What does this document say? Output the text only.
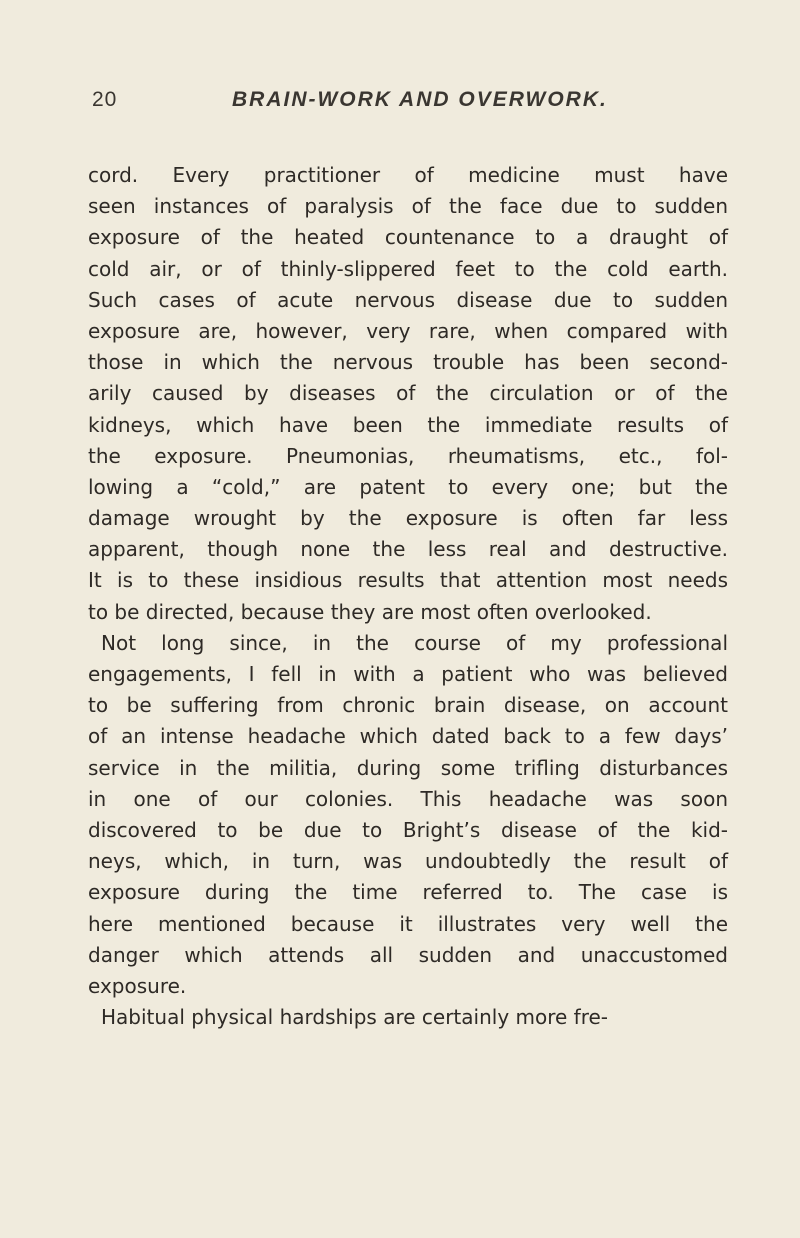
20	BRAIN-WORK AND OVERWORK.
cord. Every practitioner of medicine must have
seen instances of paralysis of the face due to sudden
exposure of the heated countenance to a draught of
cold air, or of thinly-slippered feet to the cold earth.
Such cases of acute nervous disease due to sudden
exposure are, however, very rare, when compared with
those in which the nervous trouble has been second-
arily caused by diseases of the circulation or of the
kidneys, which have been the immediate results of
the exposure. Pneumonias, rheumatisms, etc., fol-
lowing a “cold,” are patent to every one; but the
damage wrought by the exposure is often far less
apparent, though none the less real and destructive.
It is to these insidious results that attention most needs
to be directed, because they are most often overlooked.
Not long since, in the course of my professional
engagements, I fell in with a patient who was believed
to be suffering from chronic brain disease, on account
of an intense headache which dated back to a few days’
service in the militia, during some trifling disturbances
in one of our colonies. This headache was soon
discovered to be due to Bright’s disease of the kid-
neys, which, in turn, was undoubtedly the result of
exposure during the time referred to. The case is
here mentioned because it illustrates very well the
danger which attends all sudden and unaccustomed
exposure.
Habitual physical hardships are certainly more fre-
